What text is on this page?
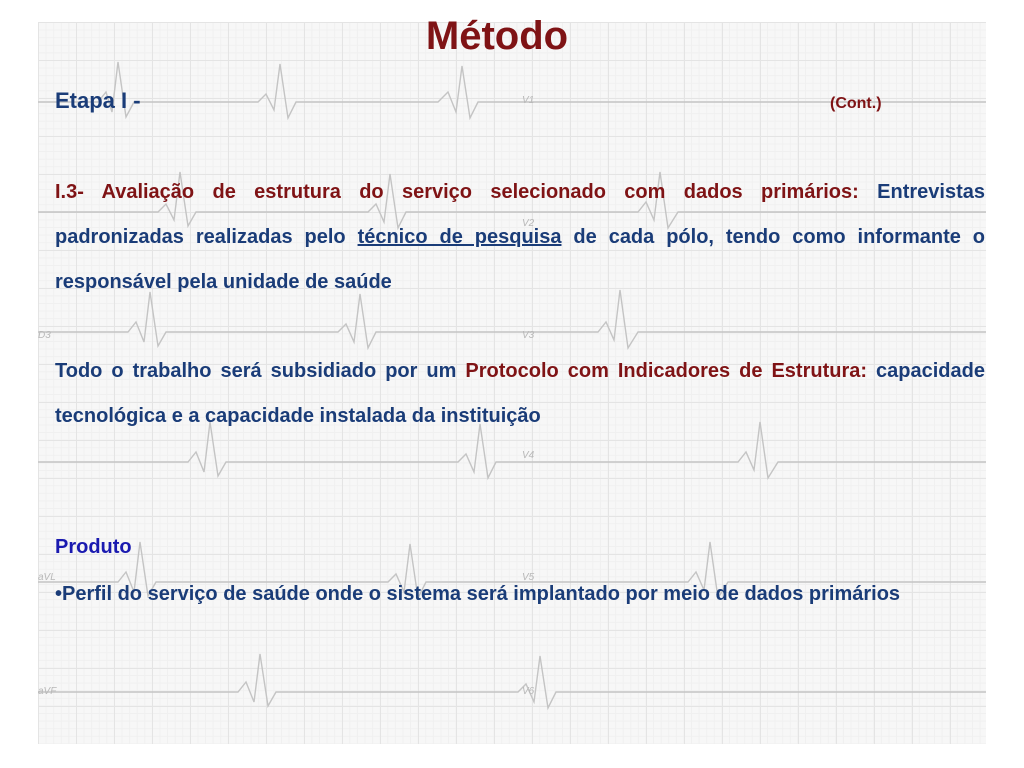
V1
V2
V3
V4
V5
V6
aVL
aVF
D3
Método
Etapa I -	(Cont.)
I.3- Avaliação de estrutura do serviço selecionado com dados primários: Entrevistas padronizadas realizadas pelo técnico de pesquisa de cada pólo, tendo como informante o responsável pela unidade de saúde
Todo o trabalho será subsidiado por um Protocolo com Indicadores de Estrutura: capacidade tecnológica e a capacidade instalada da instituição
Produto
•Perfil do serviço de saúde onde o sistema será implantado por meio de dados primários
